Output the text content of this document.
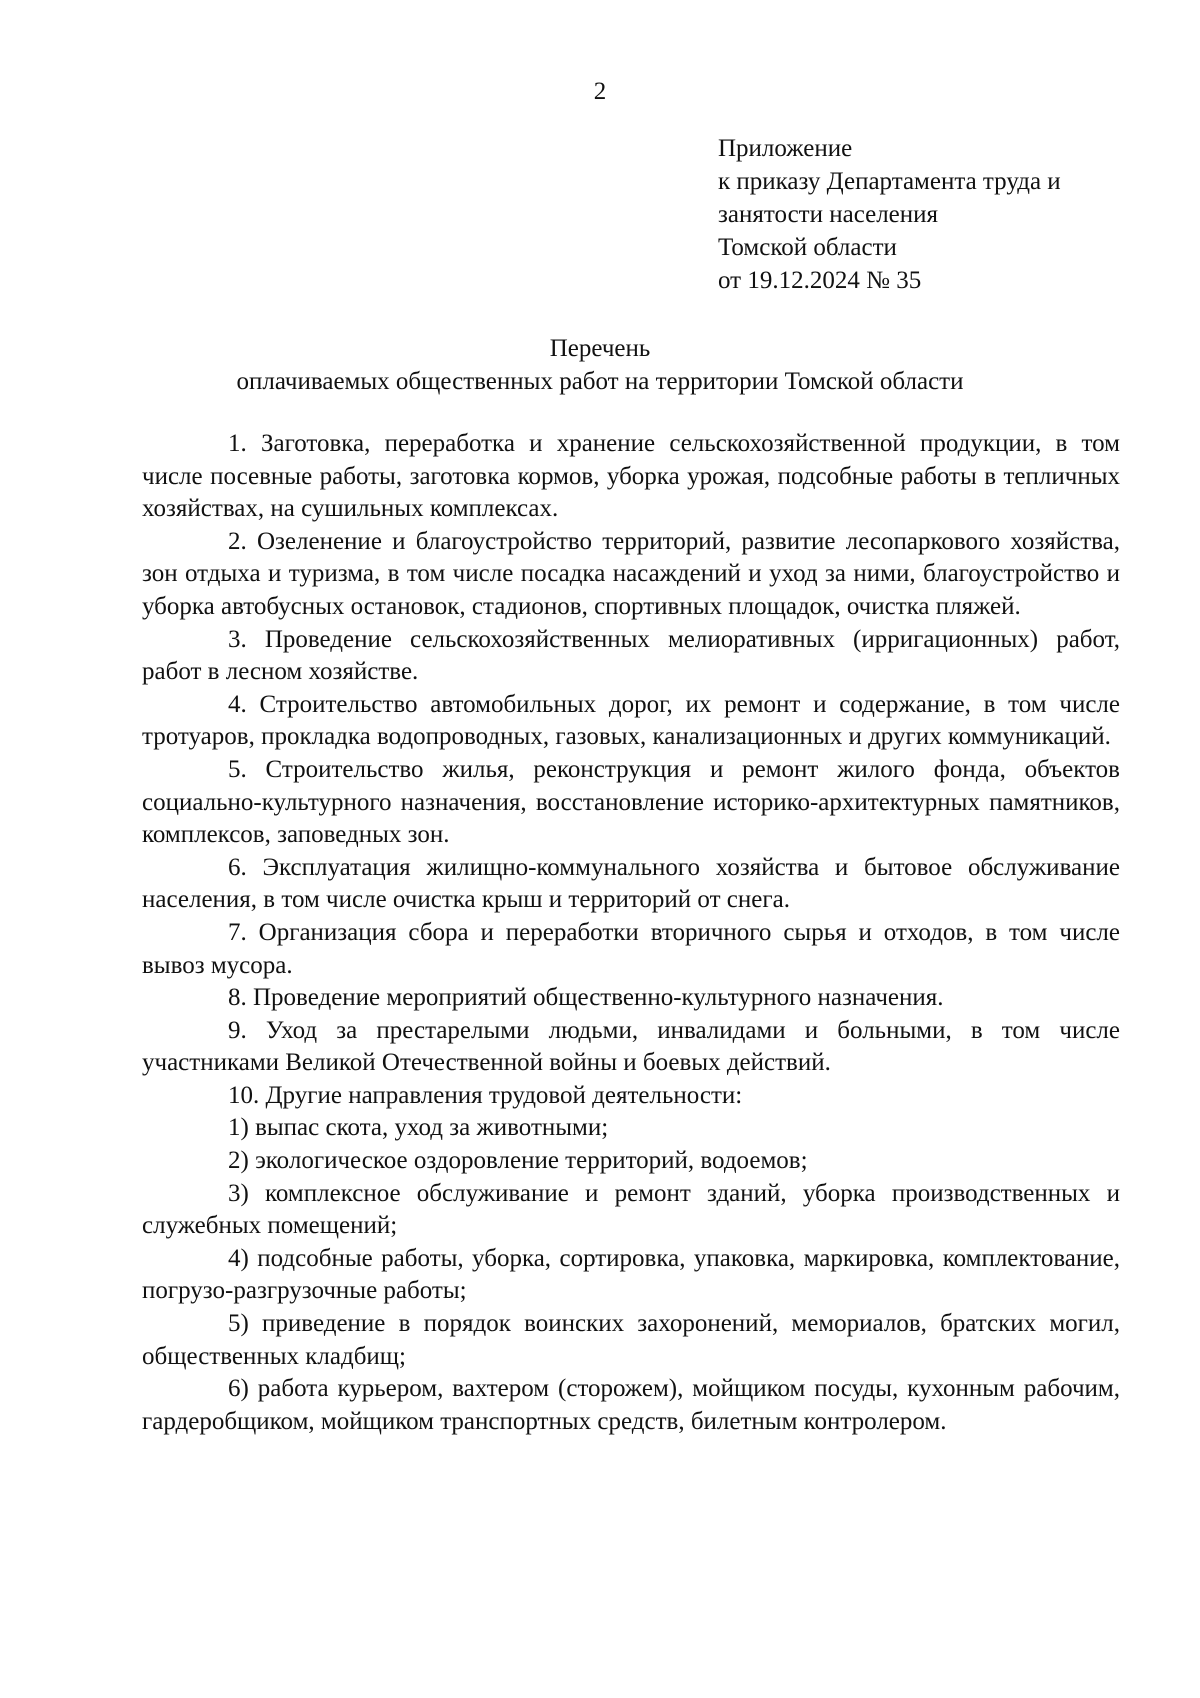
2
Приложение
к приказу Департамента труда и
занятости населения
Томской области
от 19.12.2024 № 35
Перечень
оплачиваемых общественных работ на территории Томской области

1. Заготовка, переработка и хранение сельскохозяйственной продукции, в том числе посевные работы, заготовка кормов, уборка урожая, подсобные работы в тепличных хозяйствах, на сушильных комплексах.

2. Озеленение и благоустройство территорий, развитие лесопаркового хозяйства, зон отдыха и туризма, в том числе посадка насаждений и уход за ними, благоустройство и уборка автобусных остановок, стадионов, спортивных площадок, очистка пляжей.

3. Проведение сельскохозяйственных мелиоративных (ирригационных) работ, работ в лесном хозяйстве.

4. Строительство автомобильных дорог, их ремонт и содержание, в том числе тротуаров, прокладка водопроводных, газовых, канализационных и других коммуникаций.

5. Строительство жилья, реконструкция и ремонт жилого фонда, объектов социально-культурного назначения, восстановление историко-архитектурных памятников, комплексов, заповедных зон.

6. Эксплуатация жилищно-коммунального хозяйства и бытовое обслуживание населения, в том числе очистка крыш и территорий от снега.

7. Организация сбора и переработки вторичного сырья и отходов, в том числе вывоз мусора.

8. Проведение мероприятий общественно-культурного назначения.

9. Уход за престарелыми людьми, инвалидами и больными, в том числе участниками Великой Отечественной войны и боевых действий.

10. Другие направления трудовой деятельности:

1) выпас скота, уход за животными;

2) экологическое оздоровление территорий, водоемов;

3) комплексное обслуживание и ремонт зданий, уборка производственных и служебных помещений;

4) подсобные работы, уборка, сортировка, упаковка, маркировка, комплектование, погрузо-разгрузочные работы;

5) приведение в порядок воинских захоронений, мемориалов, братских могил, общественных кладбищ;

6) работа курьером, вахтером (сторожем), мойщиком посуды, кухонным рабочим, гардеробщиком, мойщиком транспортных средств, билетным контролером.
